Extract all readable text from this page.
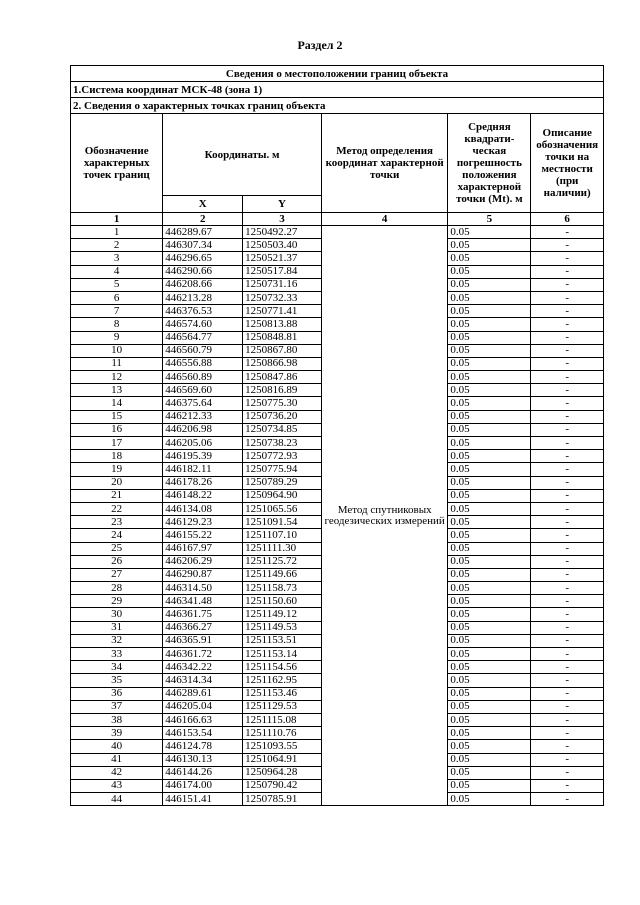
Раздел 2
Сведения о местоположении границ объекта					
1.Система координат МСК-48 (зона 1)					
2. Сведения о характерных точках границ объекта					
Обозначение характерных точек границ	Координаты. м		Метод определения координат характерной точки	Средняя квадрати-ческая погрешность положения характерной точки (Mt). м	Описание обозначения точки на местности (при наличии)
	X	Y			
1	2	3	4	5	6
1	446289.67	1250492.27	Метод спутниковых геодезических измерений	0.05	-
2	446307.34	1250503.40		0.05	-
3	446296.65	1250521.37		0.05	-
4	446290.66	1250517.84		0.05	-
5	446208.66	1250731.16		0.05	-
6	446213.28	1250732.33		0.05	-
7	446376.53	1250771.41		0.05	-
8	446574.60	1250813.88		0.05	-
9	446564.77	1250848.81		0.05	-
10	446560.79	1250867.80		0.05	-
11	446556.88	1250866.98		0.05	-
12	446560.89	1250847.86		0.05	-
13	446569.60	1250816.89		0.05	-
14	446375.64	1250775.30		0.05	-
15	446212.33	1250736.20		0.05	-
16	446206.98	1250734.85		0.05	-
17	446205.06	1250738.23		0.05	-
18	446195.39	1250772.93		0.05	-
19	446182.11	1250775.94		0.05	-
20	446178.26	1250789.29		0.05	-
21	446148.22	1250964.90		0.05	-
22	446134.08	1251065.56		0.05	-
23	446129.23	1251091.54		0.05	-
24	446155.22	1251107.10		0.05	-
25	446167.97	1251111.30		0.05	-
26	446206.29	1251125.72		0.05	-
27	446290.87	1251149.66		0.05	-
28	446314.50	1251158.73		0.05	-
29	446341.48	1251150.60		0.05	-
30	446361.75	1251149.12		0.05	-
31	446366.27	1251149.53		0.05	-
32	446365.91	1251153.51		0.05	-
33	446361.72	1251153.14		0.05	-
34	446342.22	1251154.56		0.05	-
35	446314.34	1251162.95		0.05	-
36	446289.61	1251153.46		0.05	-
37	446205.04	1251129.53		0.05	-
38	446166.63	1251115.08		0.05	-
39	446153.54	1251110.76		0.05	-
40	446124.78	1251093.55		0.05	-
41	446130.13	1251064.91		0.05	-
42	446144.26	1250964.28		0.05	-
43	446174.00	1250790.42		0.05	-
44	446151.41	1250785.91		0.05	-
